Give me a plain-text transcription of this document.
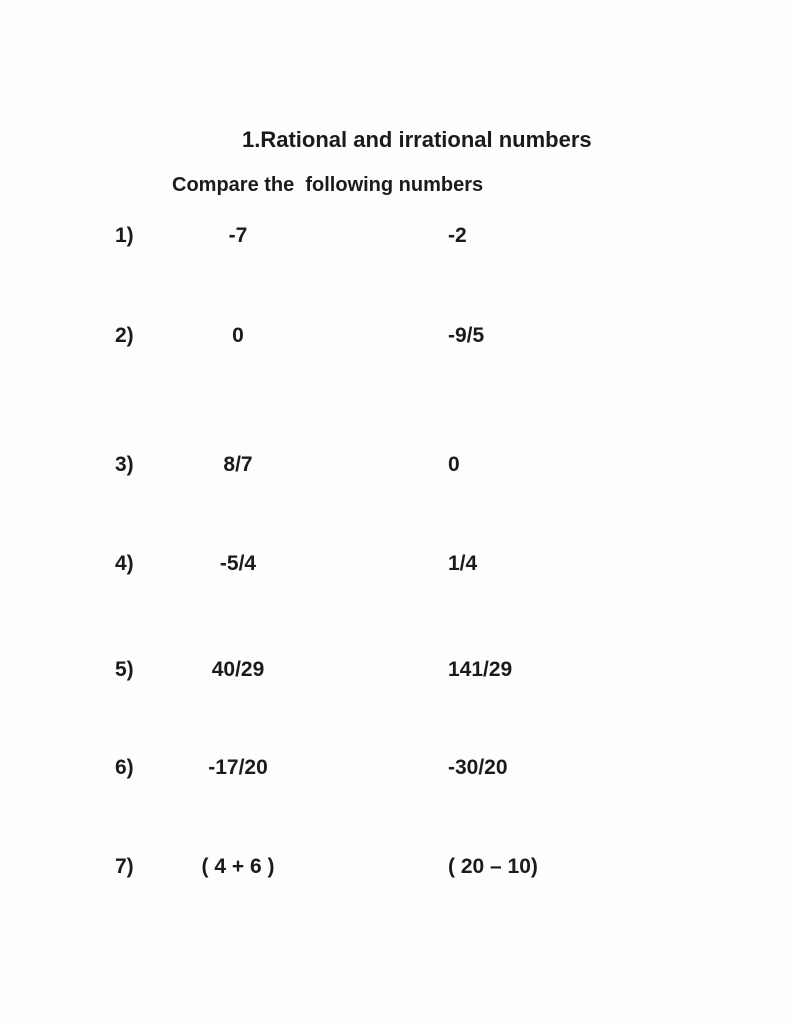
1.Rational and irrational numbers
Compare the  following numbers
1)	-7	-2
2)	0	-9/5
3)	8/7	0
4)	-5/4	1/4
5)	40/29	141/29
6)	-17/20	-30/20
7)	( 4 + 6 )	( 20 – 10)
